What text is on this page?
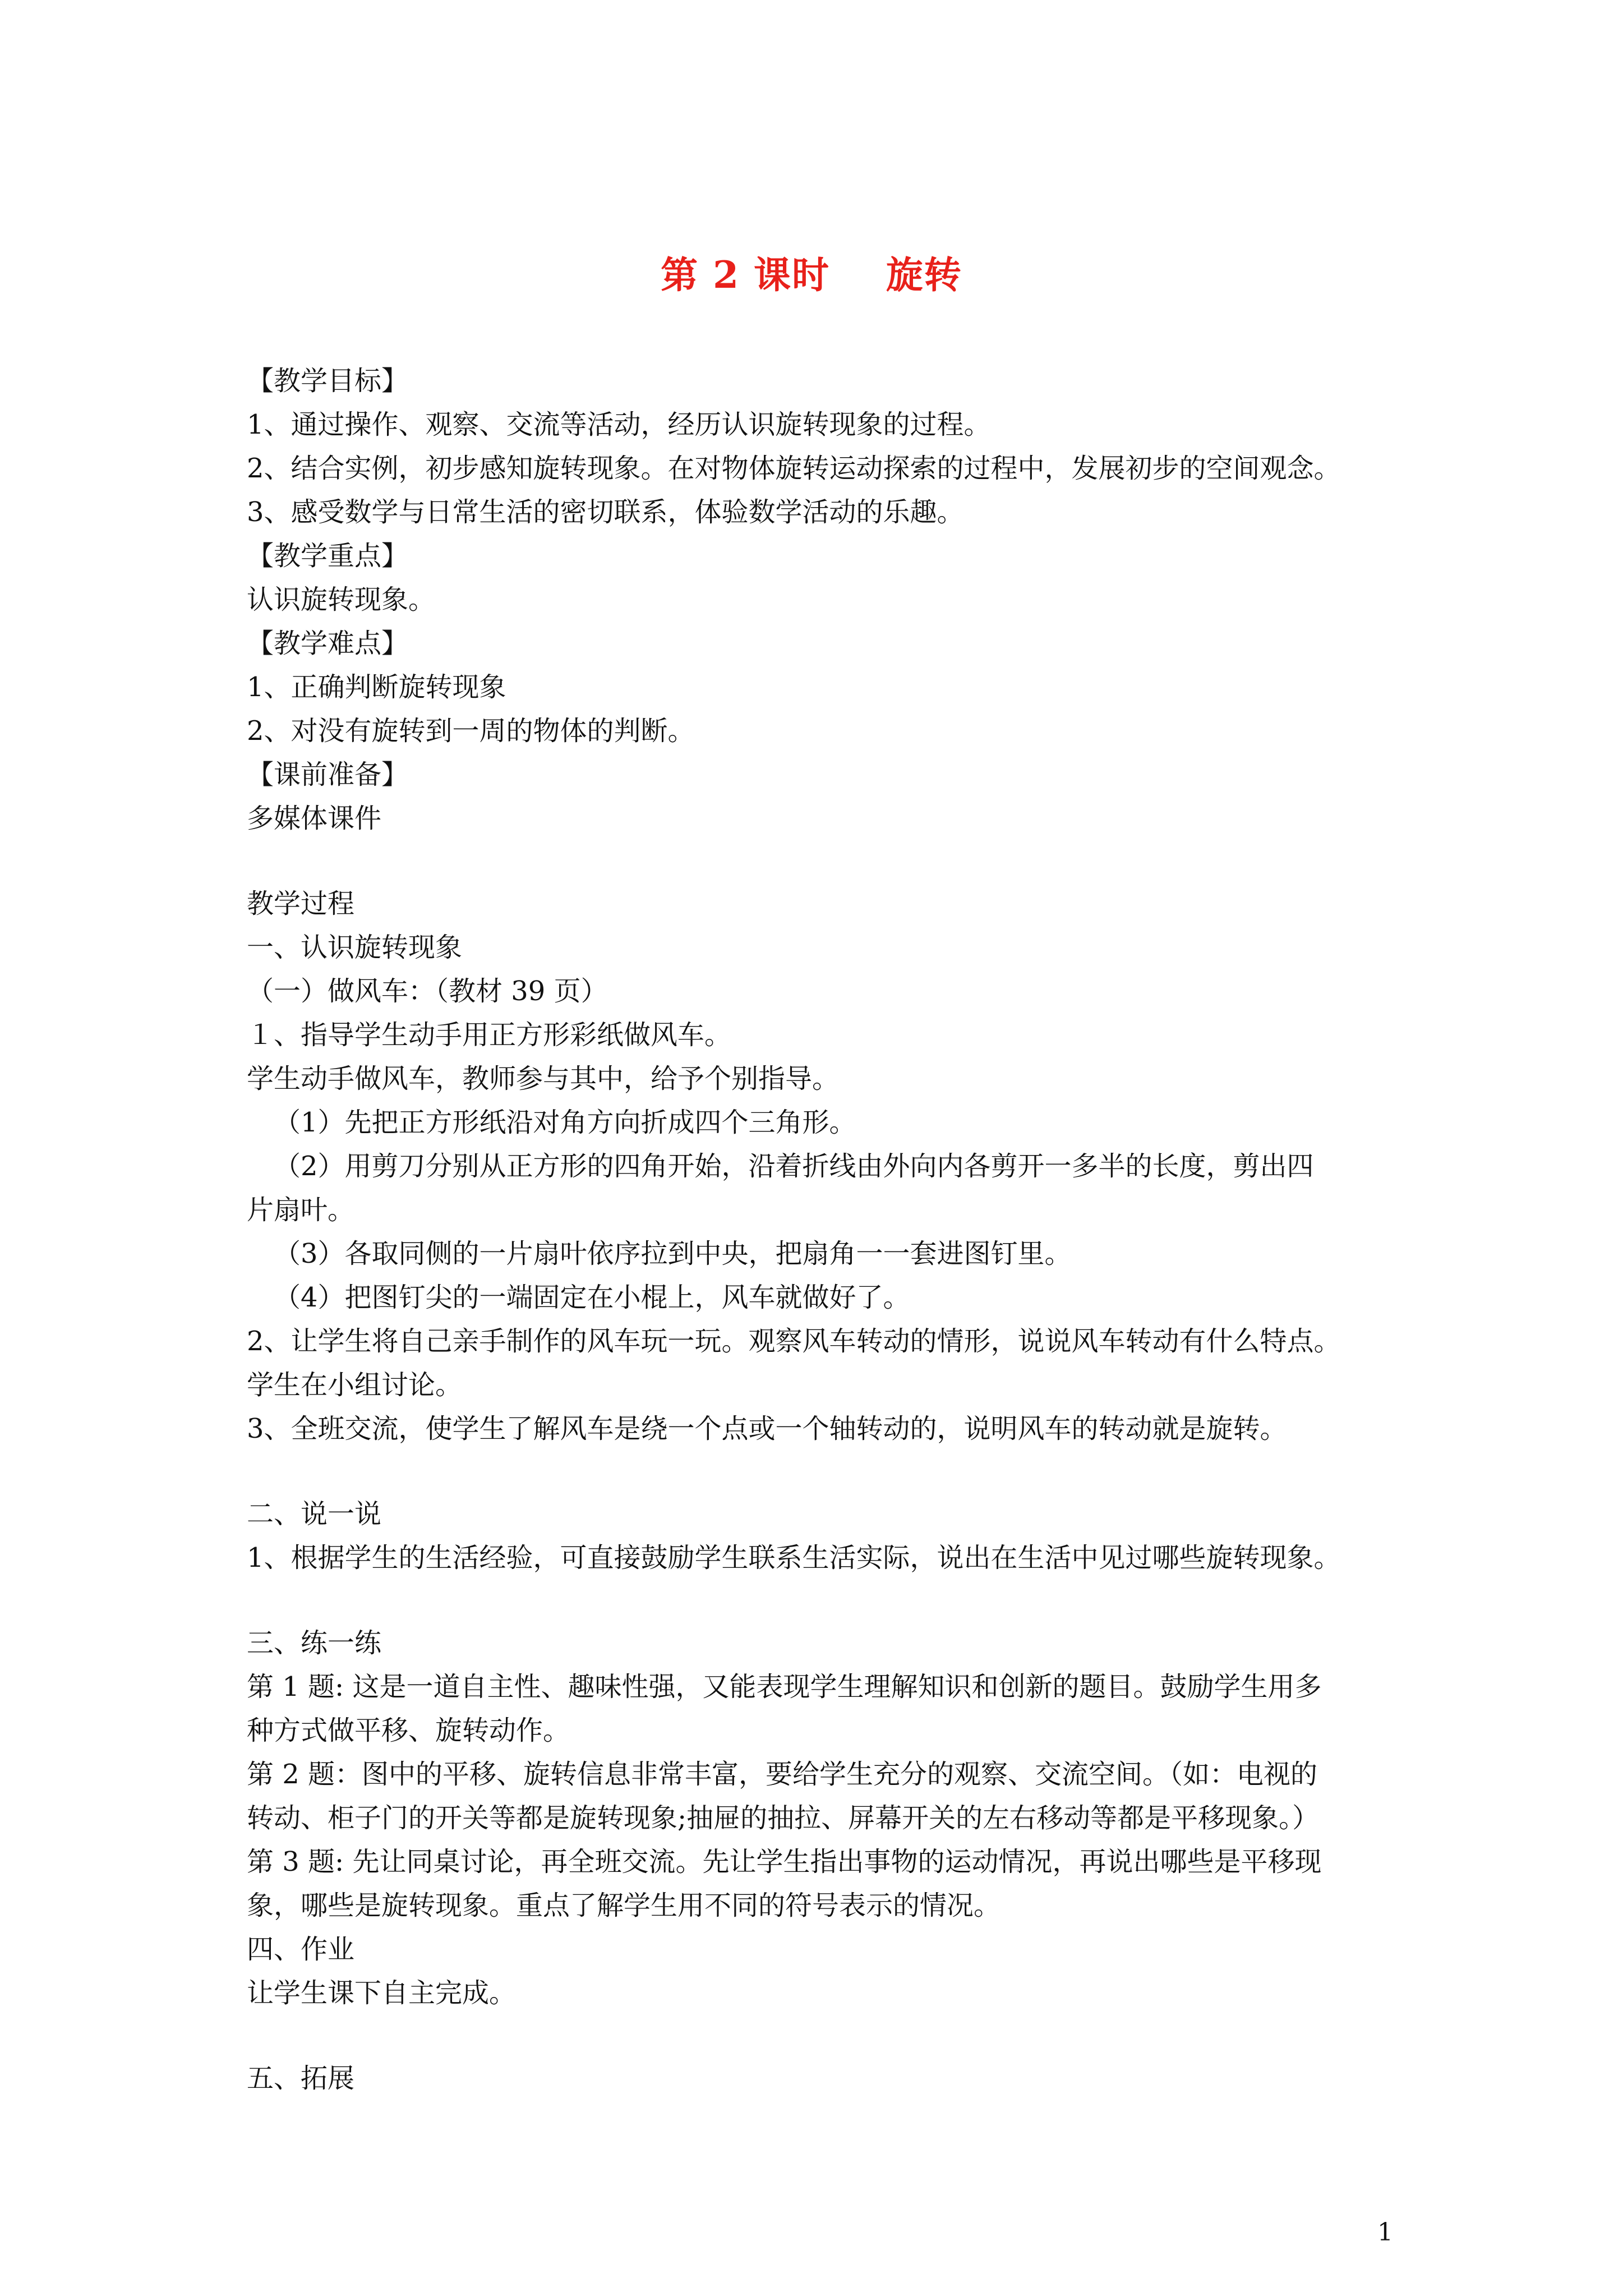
第 2 课时    旋转

【教学目标】

1、通过操作、观察、交流等活动，经历认识旋转现象的过程。

2、结合实例，初步感知旋转现象。在对物体旋转运动探索的过程中，发展初步的空间观念。

3、感受数学与日常生活的密切联系，体验数学活动的乐趣。

【教学重点】

认识旋转现象。

【教学难点】

1、正确判断旋转现象

2、对没有旋转到一周的物体的判断。

【课前准备】

多媒体课件

教学过程

一、认识旋转现象

（一）做风车：（教材 39 页）

１、指导学生动手用正方形彩纸做风车。

学生动手做风车，教师参与其中，给予个别指导。

（1）先把正方形纸沿对角方向折成四个三角形。

（2）用剪刀分别从正方形的四角开始，沿着折线由外向内各剪开一多半的长度，剪出四

片扇叶。

（3）各取同侧的一片扇叶依序拉到中央，把扇角一一套进图钉里。

（4）把图钉尖的一端固定在小棍上，风车就做好了。

2、让学生将自己亲手制作的风车玩一玩。观察风车转动的情形，说说风车转动有什么特点。

学生在小组讨论。

3、全班交流，使学生了解风车是绕一个点或一个轴转动的，说明风车的转动就是旋转。

二、说一说

1、根据学生的生活经验，可直接鼓励学生联系生活实际，说出在生活中见过哪些旋转现象。

三、练一练

第 1 题: 这是一道自主性、趣味性强，又能表现学生理解知识和创新的题目。鼓励学生用多

种方式做平移、旋转动作。

第 2 题：图中的平移、旋转信息非常丰富，要给学生充分的观察、交流空间。（如：电视的

转动、柜子门的开关等都是旋转现象;抽屉的抽拉、屏幕开关的左右移动等都是平移现象。）

第 3 题: 先让同桌讨论，再全班交流。先让学生指出事物的运动情况，再说出哪些是平移现

象，哪些是旋转现象。重点了解学生用不同的符号表示的情况。

四、作业

让学生课下自主完成。

五、拓展

1
